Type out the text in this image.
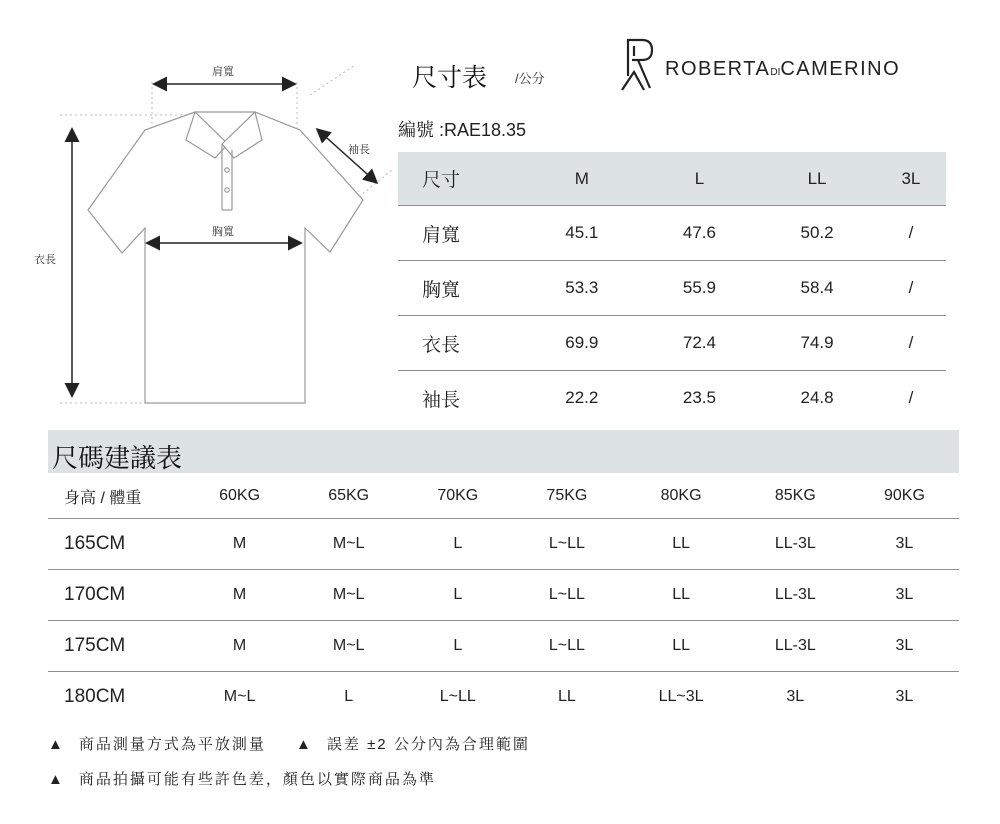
肩寬
袖長
胸寬
衣長
尺寸表 /公分	ROBERTADICAMERINO
編號 :RAE18.35
尺寸	M	L	LL	3L
肩寬	45.1	47.6	50.2	/
胸寬	53.3	55.9	58.4	/
衣長	69.9	72.4	74.9	/
袖長	22.2	23.5	24.8	/
尺碼建議表
身高 / 體重	60KG	65KG	70KG	75KG	80KG	85KG	90KG
165CM	M	M~L	L	L~LL	LL	LL-3L	3L
170CM	M	M~L	L	L~LL	LL	LL-3L	3L
175CM	M	M~L	L	L~LL	LL	LL-3L	3L
180CM	M~L	L	L~LL	LL	LL~3L	3L	3L
▲ 商品測量方式為平放測量 ▲ 誤差 ±2 公分內為合理範圍
▲ 商品拍攝可能有些許色差，顏色以實際商品為準
